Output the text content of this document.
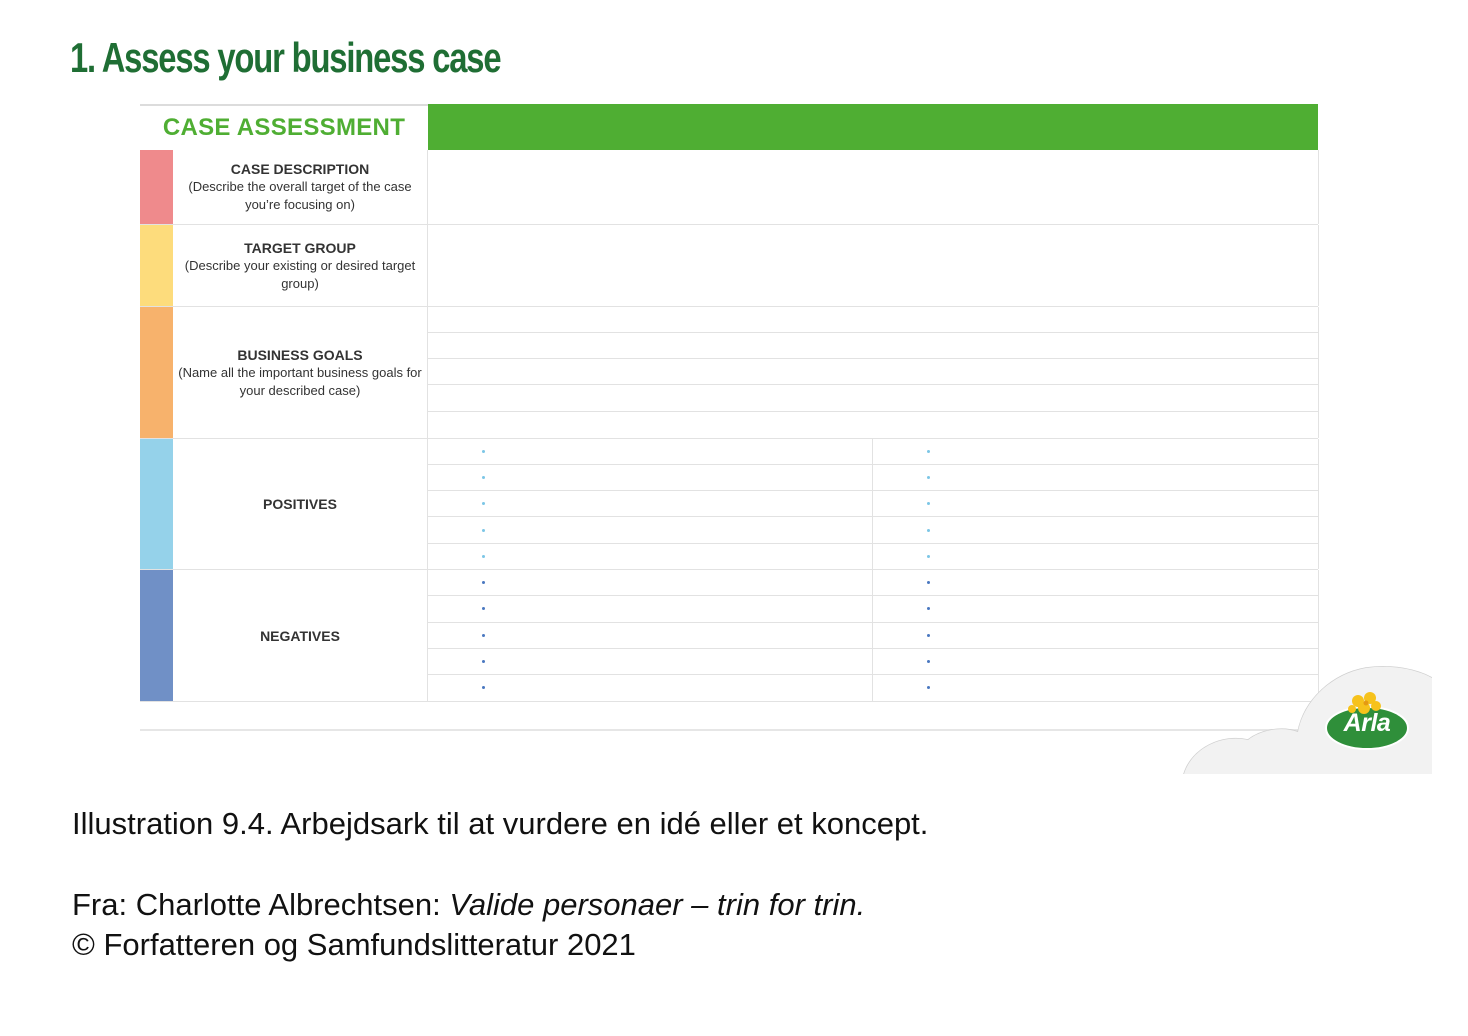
1. Assess your business case
CASE ASSESSMENT
CASE DESCRIPTION
(Describe the overall target of the case you’re focusing on)
TARGET GROUP
(Describe your existing or desired target group)
BUSINESS GOALS
(Name all the important business goals for your described case)
POSITIVES
NEGATIVES
Arla
Illustration 9.4. Arbejdsark til at vurdere en idé eller et koncept.
Fra: Charlotte Albrechtsen: Valide personaer – trin for trin.
© Forfatteren og Samfundslitteratur 2021
